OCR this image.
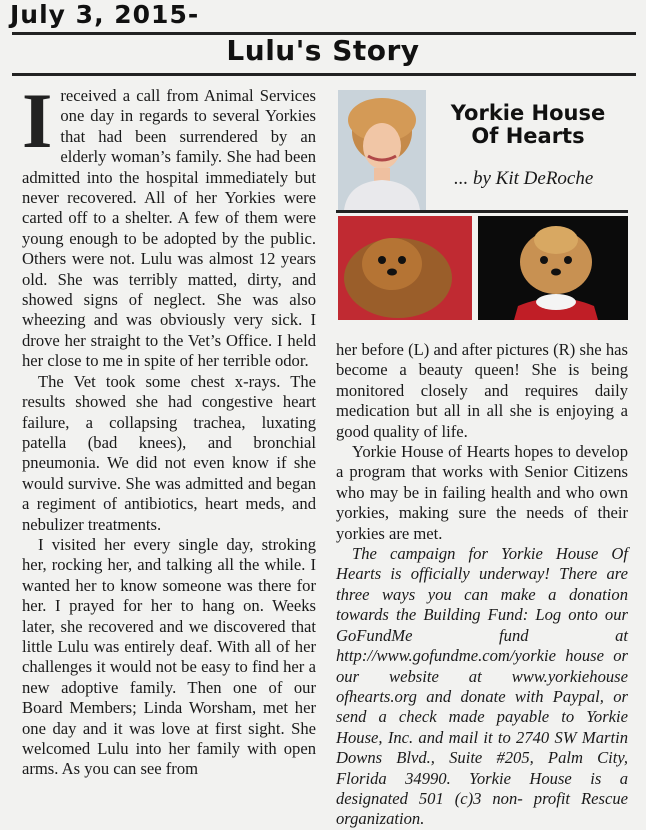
July 3, 2015-
Lulu's Story
I received a call from Animal Services one day in regards to several Yorkies that had been surrendered by an elderly woman’s family. She had been admitted into the hospital immediately but never recovered. All of her Yorkies were carted off to a shelter. A few of them were young enough to be adopted by the public. Others were not. Lulu was almost 12 years old. She was terribly matted, dirty, and showed signs of neglect. She was also wheezing and was obviously very sick. I drove her straight to the Vet’s Office. I held her close to me in spite of her terrible odor.

The Vet took some chest x-rays. The results showed she had congestive heart failure, a collapsing trachea, luxating patella (bad knees), and bronchial pneumonia. We did not even know if she would survive. She was admitted and began a regiment of antibiotics, heart meds, and nebulizer treatments.

I visited her every single day, stroking her, rocking her, and talking all the while. I wanted her to know someone was there for her. I prayed for her to hang on. Weeks later, she recovered and we discovered that little Lulu was entirely deaf. With all of her challenges it would not be easy to find her a new adoptive family. Then one of our Board Members; Linda Worsham, met her one day and it was love at first sight. She welcomed Lulu into her family with open arms. As you can see from

Yorkie House
Of Hearts
... by Kit DeRoche

her before (L) and after pictures (R) she has become a beauty queen! She is being monitored closely and requires daily medication but all in all she is enjoying a good quality of life.

Yorkie House of Hearts hopes to develop a program that works with Senior Citizens who may be in failing health and who own yorkies, making sure the needs of their yorkies are met.

The campaign for Yorkie House Of Hearts is officially underway! There are three ways you can make a donation towards the Building Fund: Log onto our GoFundMe fund at http://www.gofundme.com/yorkie house or our website at www.yorkiehouse ofhearts.org and donate with Paypal, or send a check made payable to Yorkie House, Inc. and mail it to 2740 SW Martin Downs Blvd., Suite #205, Palm City, Florida 34990. Yorkie House is a designated 501 (c)3 non- profit Rescue organization.
